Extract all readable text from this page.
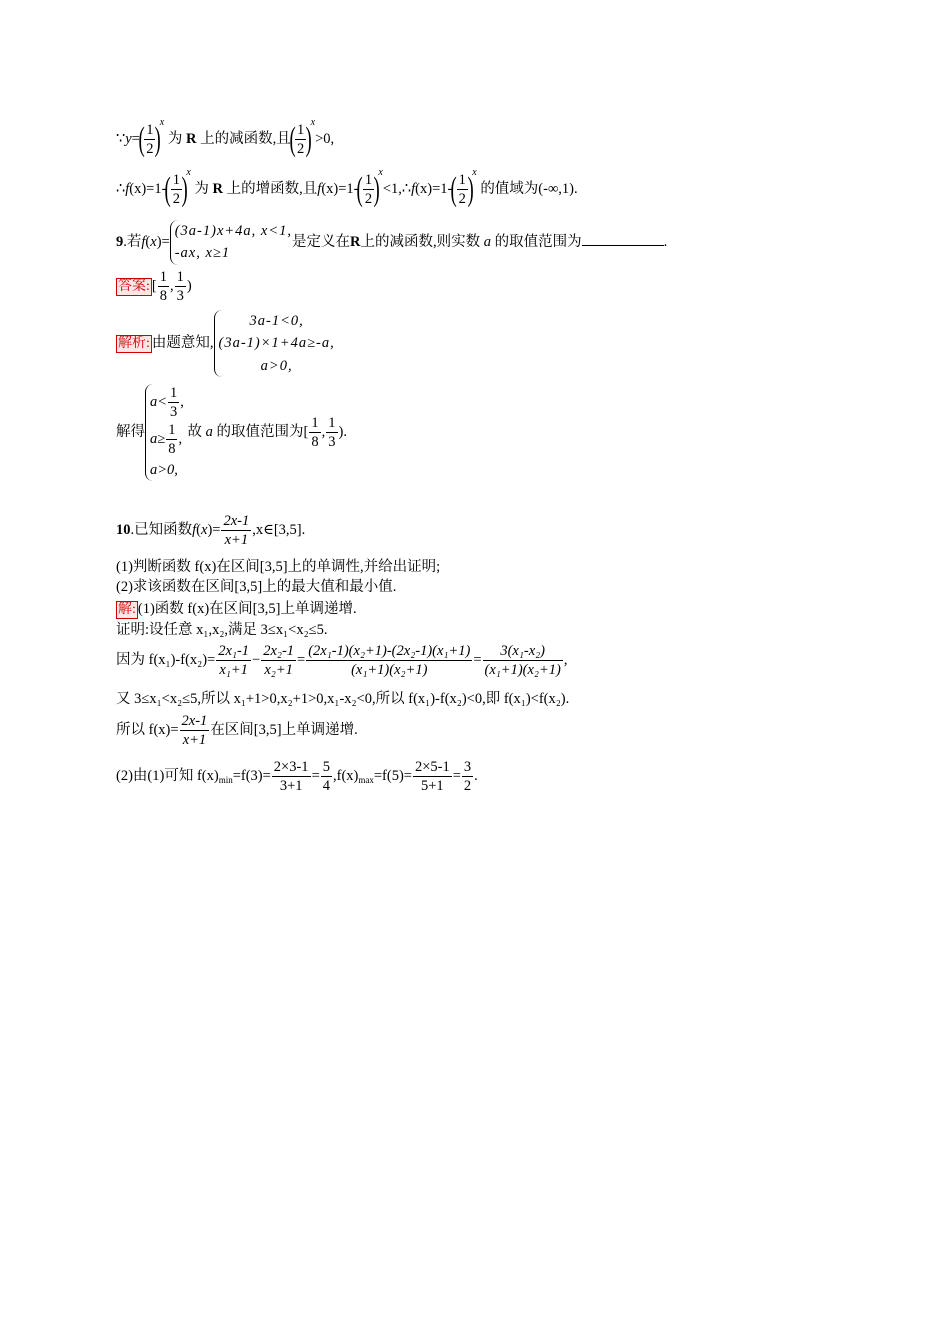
∵y=( $\frac{1}{2} )^x$ 为 R 上的减函数,且( $\frac{1}{2} )^x>0$,
∴f(x)=1-( $\frac{1}{2} )^x$ 为 R 上的增函数,且$f(x)=1-( \frac{1}{2}$ )$^x<1,\therefore f(x)=1-( \frac{1}{2} )^x$ 的值域为(-∞,1).
9.若f(x)=
(3a-1)x+4a, x<1,
-ax, x≥1
是定义在R上的减函数,则实数 a 的取值范围为	.
答案: [ $\frac{1}{8}$ , $\frac{1}{3}$ )
解析: 由题意知,
3a-1<0,
(3a-1)×1+4a≥-a,
a>0,
解得
$a< \frac{1}{3}$ ,
$a\ge \frac{1}{8}$ ,
a>0,
故 a 的取值范围为[ $\frac{1}{8}$ , $\frac{1}{3}$ ).
10.已知函数$f(x)= \frac{2x-1}{x+1}$ ,x∈[3,5].
(1)判断函数 f(x)在区间[3,5]上的单调性,并给出证明;
(2)求该函数在区间[3,5]上的最大值和最小值.
解: (1)函数 f(x)在区间[3,5]上单调递增.
证明:设任意 x₁,x₂,满足 3≤x₁<x₂≤5.
因为 $f(x_1)-f(x_2)= \frac{\text{2x₁-1}}{\text{x₁+1}} - \frac{\text{2x₂-1}}{\text{x₂+1}} = \frac{\text{(2x₁-1)(x₂+1)-(2x₂-1)(x₁+1)}}{\text{(x₁+1)(x₂+1)}} = \frac{\text{3(x₁-x₂)}}{\text{(x₁+1)(x₂+1)}}$ ,
又 3≤x₁<x₂≤5,所以 x₁+1>0,x₂+1>0,x₁-x₂<0,所以 f(x₁)-f(x₂)<0,即 f(x₁)<f(x₂).
所以 $f(x)= \frac{2x-1}{x+1}$ 在区间[3,5]上单调递增.
(2)由(1)可知 $f(x)_{min}=f(3)= \frac{2\times 3-1}{3+1} = \frac{5}{4} ,f(x)_{max}=f(5)= \frac{2\times 5-1}{5+1} = \frac{3}{2}$ .
